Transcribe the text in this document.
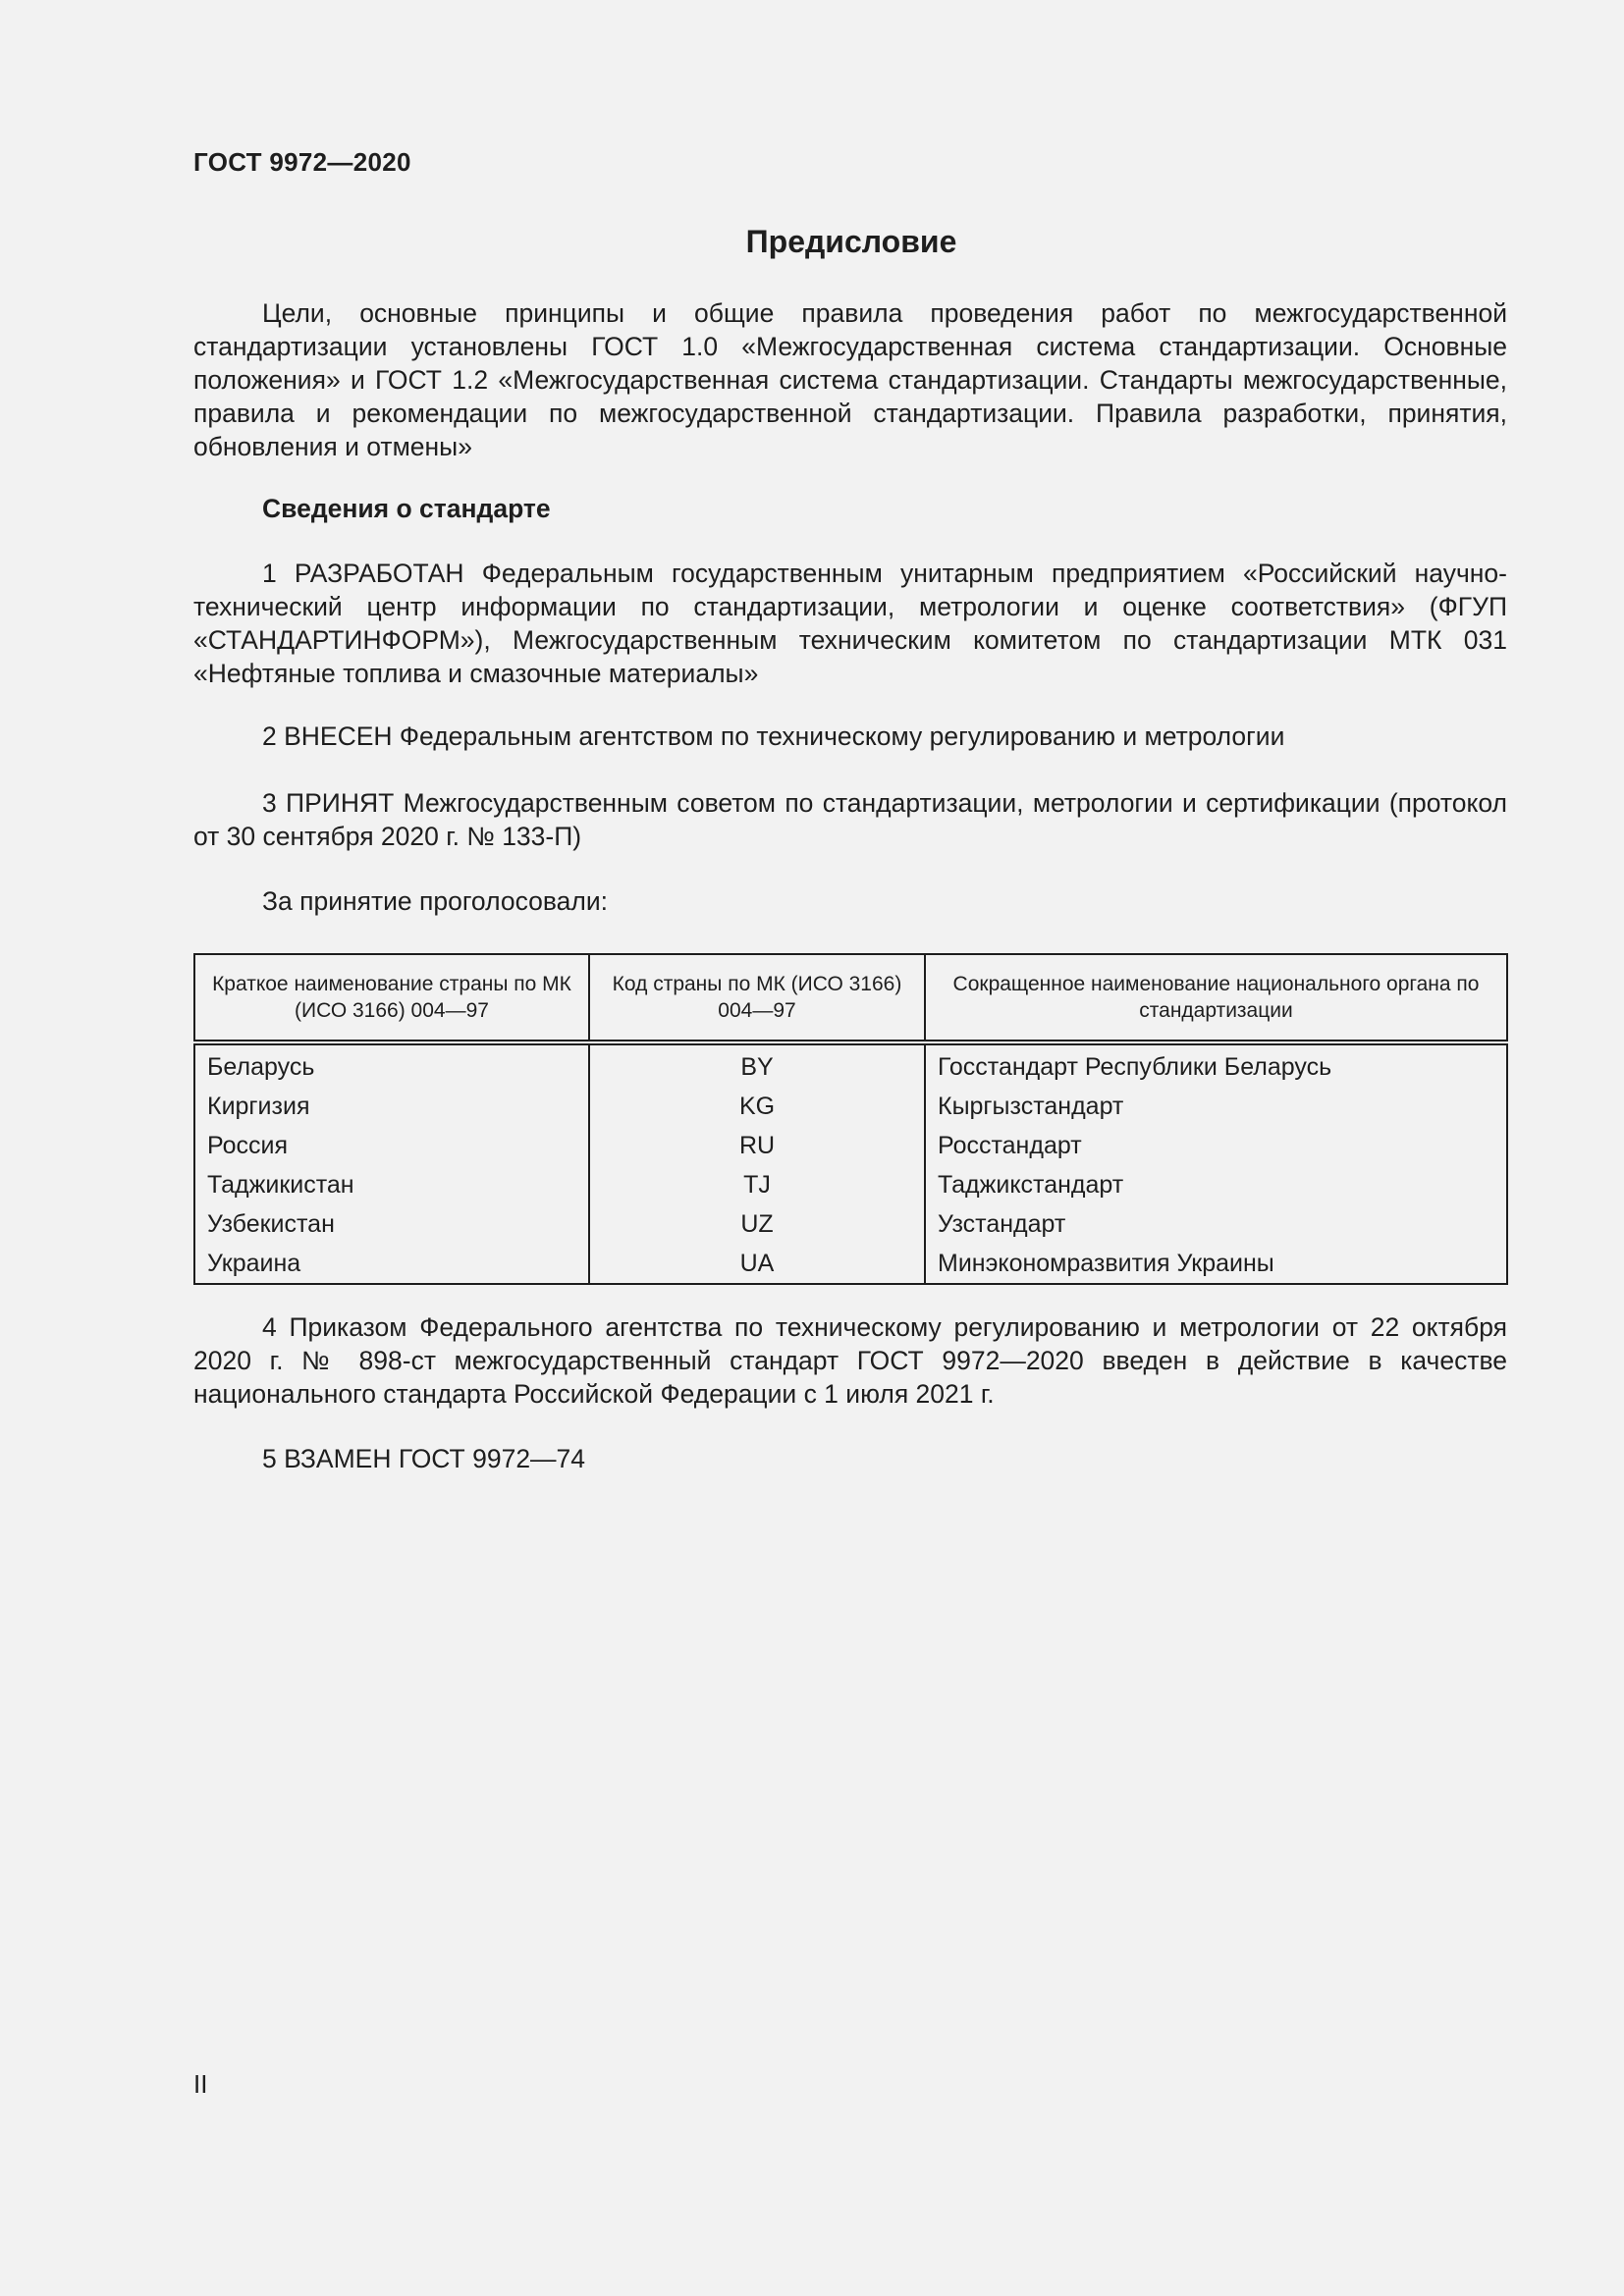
ГОСТ 9972—2020
Предисловие

Цели, основные принципы и общие правила проведения работ по межгосударственной стандартизации установлены ГОСТ 1.0 «Межгосударственная система стандартизации. Основные положения» и ГОСТ 1.2 «Межгосударственная система стандартизации. Стандарты межгосударственные, правила и рекомендации по межгосударственной стандартизации. Правила разработки, принятия, обновления и отмены»

Сведения о стандарте

1 РАЗРАБОТАН Федеральным государственным унитарным предприятием «Российский научно-технический центр информации по стандартизации, метрологии и оценке соответствия» (ФГУП «СТАНДАРТИНФОРМ»), Межгосударственным техническим комитетом по стандартизации МТК 031 «Нефтяные топлива и смазочные материалы»

2 ВНЕСЕН Федеральным агентством по техническому регулированию и метрологии

3 ПРИНЯТ Межгосударственным советом по стандартизации, метрологии и сертификации (протокол от 30 сентября 2020 г. № 133-П)

За принятие проголосовали:

Краткое наименование страны по МК (ИСО 3166) 004—97	Код страны по МК (ИСО 3166) 004—97	Сокращенное наименование национального органа по стандартизации
Беларусь	BY	Госстандарт Республики Беларусь
Киргизия	KG	Кыргызстандарт
Россия	RU	Росстандарт
Таджикистан	TJ	Таджикстандарт
Узбекистан	UZ	Узстандарт
Украина	UA	Минэкономразвития Украины

4 Приказом Федерального агентства по техническому регулированию и метрологии от 22 октября 2020 г. № 898-ст межгосударственный стандарт ГОСТ 9972—2020 введен в действие в качестве национального стандарта Российской Федерации с 1 июля 2021 г.

5 ВЗАМЕН ГОСТ 9972—74

II
